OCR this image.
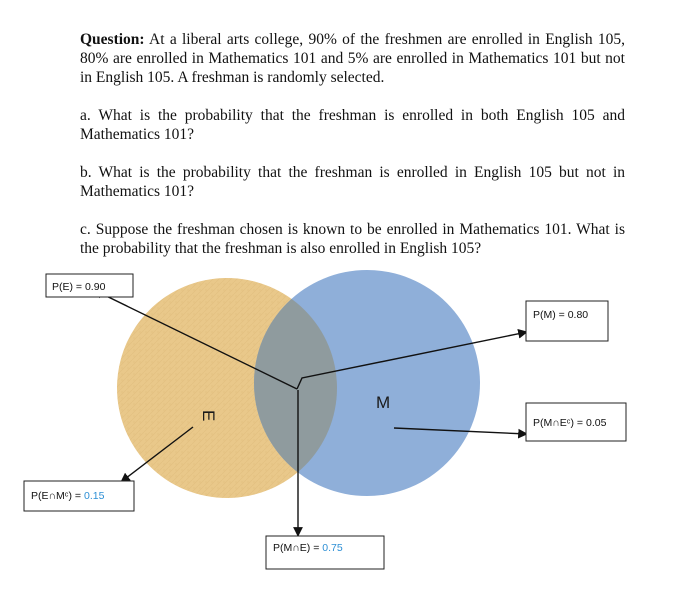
Question: At a liberal arts college, 90% of the freshmen are enrolled in English 105, 80% are enrolled in Mathematics 101 and 5% are enrolled in Mathematics 101 but not in English 105. A freshman is randomly selected.

a. What is the probability that the freshman is enrolled in both English 105 and Mathematics 101?

b. What is the probability that the freshman is enrolled in English 105 but not in Mathematics 101?

c. Suppose the freshman chosen is known to be enrolled in Mathematics 101. What is the probability that the freshman is also enrolled in English 105?

E
M
P(E) = 0.90
P(M) = 0.80
P(M∩Eᶜ) = 0.05
P(E∩Mᶜ) = 0.15
P(M∩E) = 0.75
